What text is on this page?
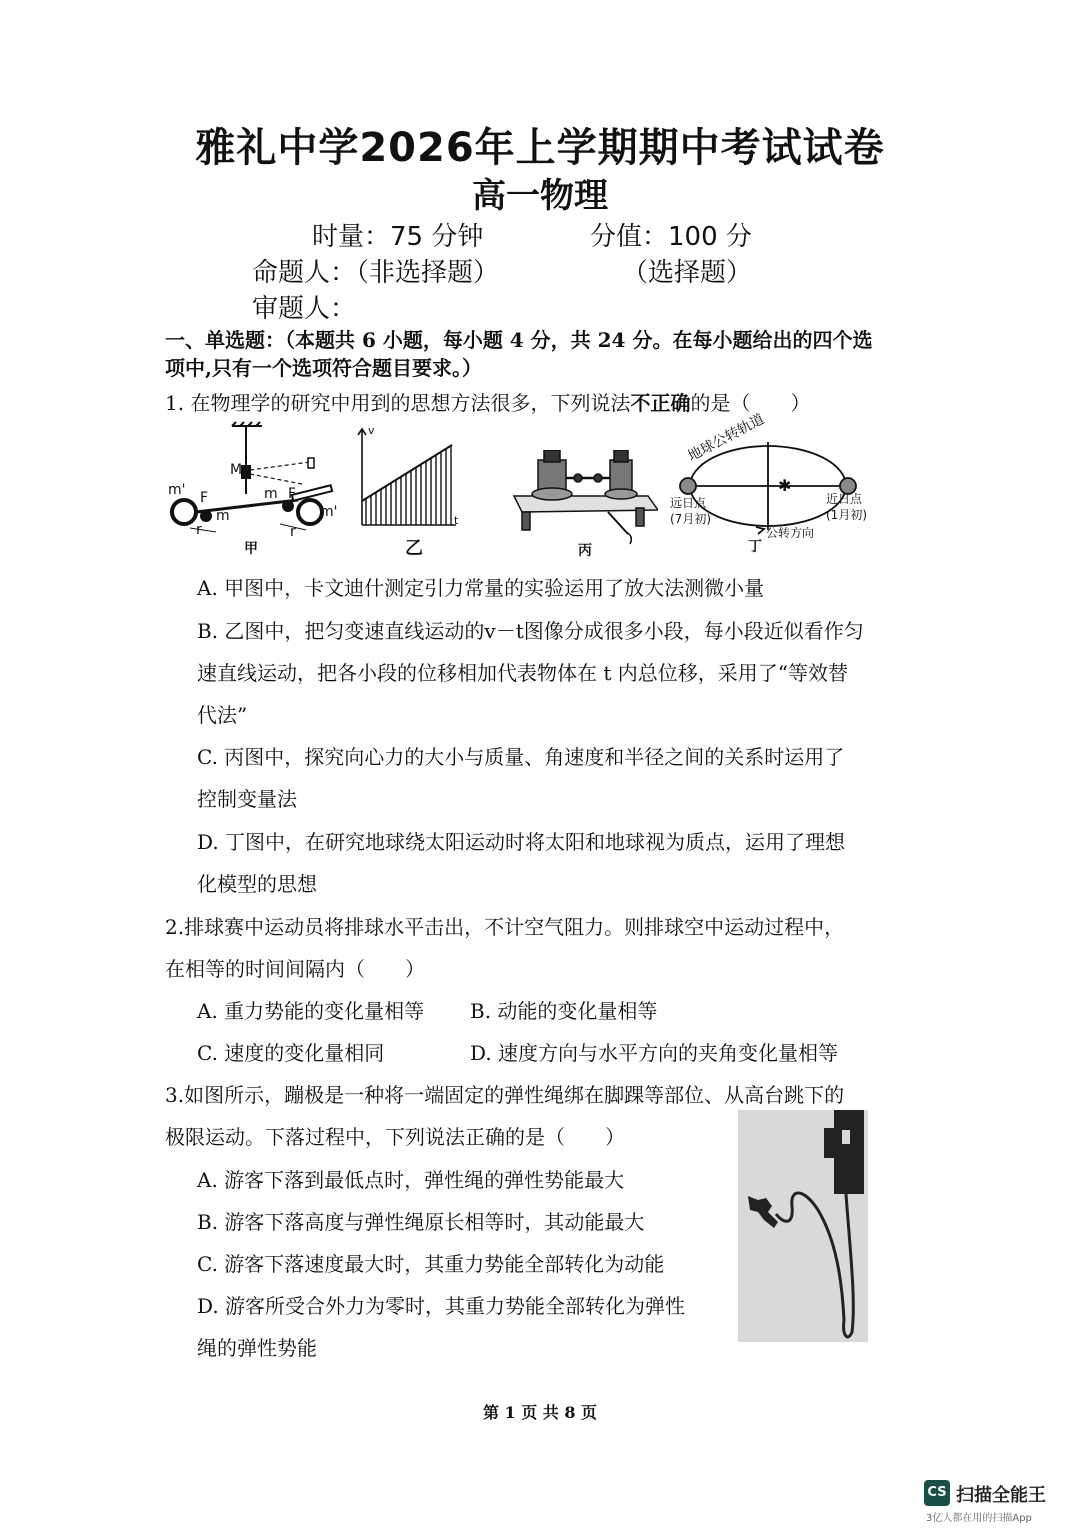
雅礼中学2026年上学期期中考试试卷
高一物理
时量：75 分钟	分值：100 分
命题人：（非选择题）	（选择题）
审题人：
一、单选题：（本题共 6 小题，每小题 4 分，共 24 分。在每小题给出的四个选
项中,只有一个选项符合题目要求。）
1. 在物理学的研究中用到的思想方法很多，下列说法不正确的是（　　）
m' F
m
M
m F
m'
r	r
甲
v
t
乙	丙
✱
地球公转轨道
远日点
(7月初)
近日点
(1月初)
公转方向
丁
A. 甲图中，卡文迪什测定引力常量的实验运用了放大法测微小量
B. 乙图中，把匀变速直线运动的v－t图像分成很多小段，每小段近似看作匀
速直线运动，把各小段的位移相加代表物体在 t 内总位移，采用了“等效替
代法”
C. 丙图中，探究向心力的大小与质量、角速度和半径之间的关系时运用了
控制变量法
D. 丁图中，在研究地球绕太阳运动时将太阳和地球视为质点，运用了理想
化模型的思想
2.排球赛中运动员将排球水平击出，不计空气阻力。则排球空中运动过程中，
在相等的时间间隔内（　　）
A. 重力势能的变化量相等 B. 动能的变化量相等
C. 速度的变化量相同	D. 速度方向与水平方向的夹角变化量相等
3.如图所示，蹦极是一种将一端固定的弹性绳绑在脚踝等部位、从高台跳下的
极限运动。下落过程中，下列说法正确的是（　　）
A. 游客下落到最低点时，弹性绳的弹性势能最大
B. 游客下落高度与弹性绳原长相等时，其动能最大
C. 游客下落速度最大时，其重力势能全部转化为动能
D. 游客所受合外力为零时，其重力势能全部转化为弹性
绳的弹性势能
第 1 页 共 8 页
CS 扫描全能王
3亿人都在用的扫描App
